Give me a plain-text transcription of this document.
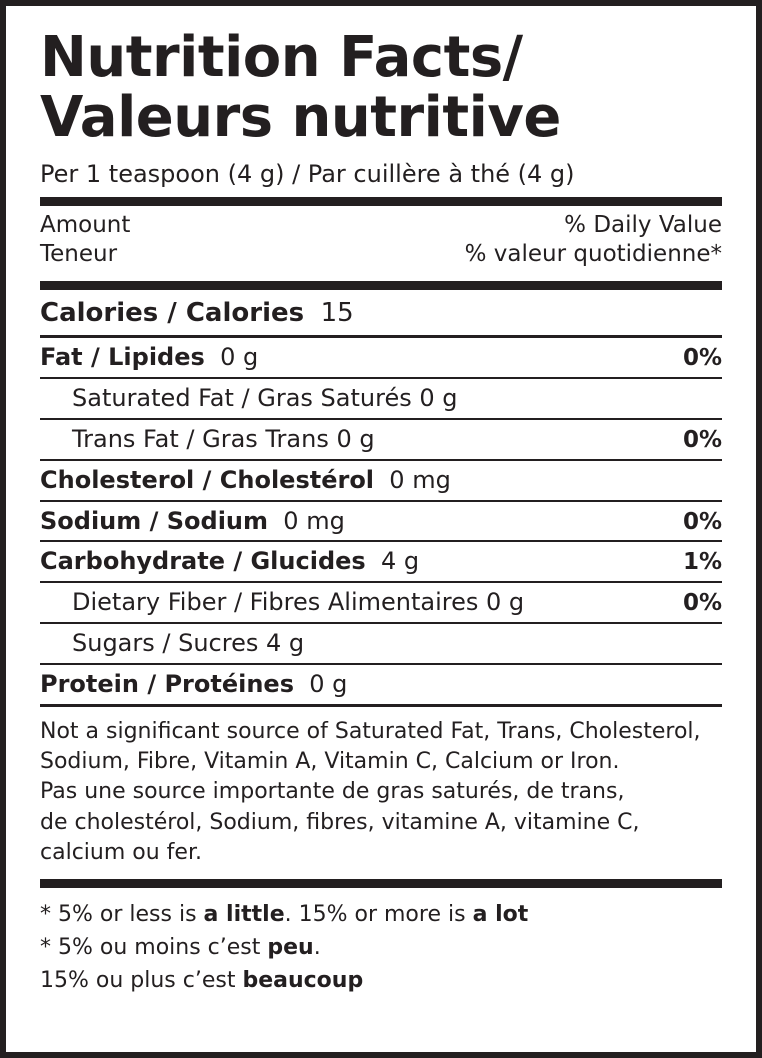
Nutrition Facts/
Valeurs nutritive
Per 1 teaspoon (4 g) / Par cuillère à thé (4 g)
Amount	% Daily Value
Teneur	% valeur quotidienne*
Calories / Calories 15
Fat / Lipides 0 g	0%
Saturated Fat / Gras Saturés 0 g
Trans Fat / Gras Trans 0 g	0%
Cholesterol / Cholestérol 0 mg
Sodium / Sodium 0 mg	0%
Carbohydrate / Glucides 4 g	1%
Dietary Fiber / Fibres Alimentaires 0 g	0%
Sugars / Sucres 4 g
Protein / Protéines 0 g

Not a significant source of Saturated Fat, Trans, Cholesterol,

Sodium, Fibre, Vitamin A, Vitamin C, Calcium or Iron.

Pas une source importante de gras saturés, de trans,

de cholestérol, Sodium, fibres, vitamine A, vitamine C,

calcium ou fer.

* 5% or less is a little. 15% or more is a lot

* 5% ou moins c’est peu.

15% ou plus c’est beaucoup
